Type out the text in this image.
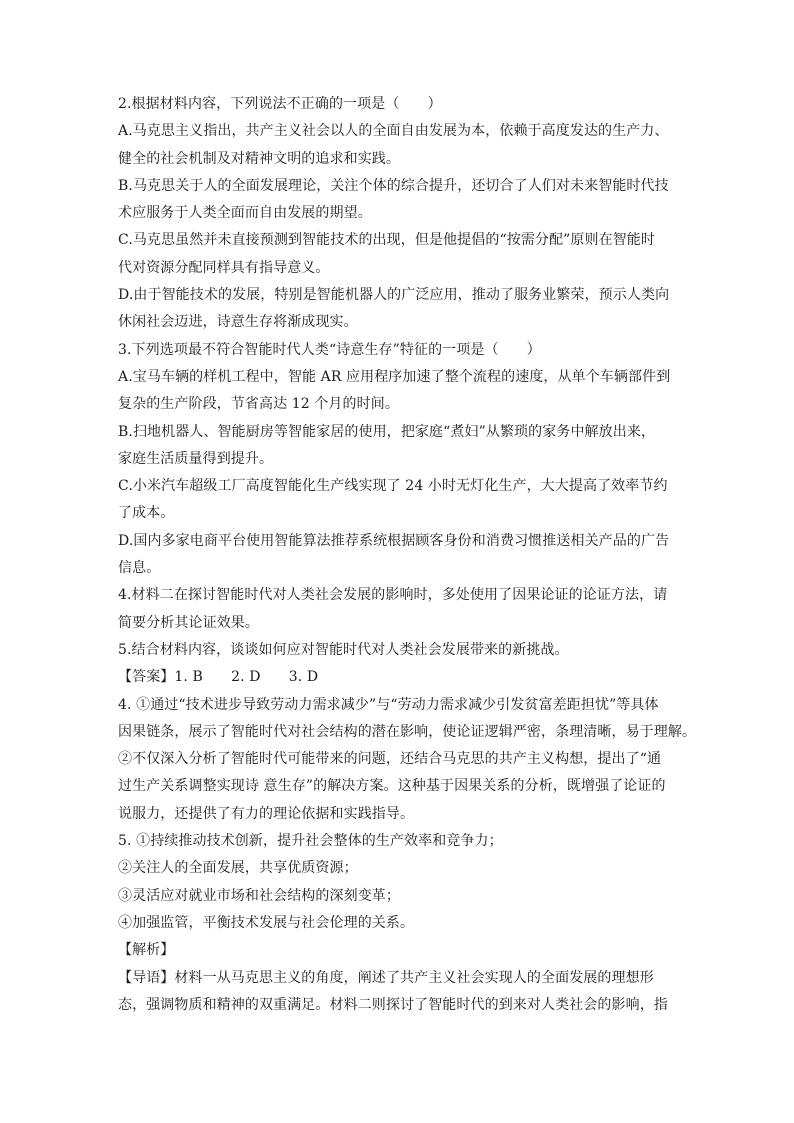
2.根据材料内容，下列说法不正确的一项是（　　）
A.马克思主义指出，共产主义社会以人的全面自由发展为本，依赖于高度发达的生产力、
健全的社会机制及对精神文明的追求和实践。
B.马克思关于人的全面发展理论，关注个体的综合提升，还切合了人们对未来智能时代技
术应服务于人类全面而自由发展的期望。
C.马克思虽然并未直接预测到智能技术的出现，但是他提倡的“按需分配”原则在智能时
代对资源分配同样具有指导意义。
D.由于智能技术的发展，特别是智能机器人的广泛应用，推动了服务业繁荣，预示人类向
休闲社会迈进，诗意生存将渐成现实。
3.下列选项最不符合智能时代人类“诗意生存”特征的一项是（　　）
A.宝马车辆的样机工程中，智能 AR 应用程序加速了整个流程的速度，从单个车辆部件到
复杂的生产阶段，节省高达 12 个月的时间。
B.扫地机器人、智能厨房等智能家居的使用，把家庭“煮妇”从繁琐的家务中解放出来，
家庭生活质量得到提升。
C.小米汽车超级工厂高度智能化生产线实现了 24 小时无灯化生产，大大提高了效率节约
了成本。
D.国内多家电商平台使用智能算法推荐系统根据顾客身份和消费习惯推送相关产品的广告
信息。
4.材料二在探讨智能时代对人类社会发展的影响时，多处使用了因果论证的论证方法，请
简要分析其论证效果。
5.结合材料内容，谈谈如何应对智能时代对人类社会发展带来的新挑战。
【答案】1. B　　2. D　　3. D
4. ①通过“技术进步导致劳动力需求减少”与“劳动力需求减少引发贫富差距担忧”等具体
因果链条，展示了智能时代对社会结构的潜在影响，使论证逻辑严密，条理清晰，易于理解。
②不仅深入分析了智能时代可能带来的问题，还结合马克思的共产主义构想，提出了“通
过生产关系调整实现诗 意生存”的解决方案。这种基于因果关系的分析，既增强了论证的
说服力，还提供了有力的理论依据和实践指导。
5. ①持续推动技术创新，提升社会整体的生产效率和竞争力；
②关注人的全面发展，共享优质资源；
③灵活应对就业市场和社会结构的深刻变革；
④加强监管，平衡技术发展与社会伦理的关系。
【解析】
【导语】材料一从马克思主义的角度，阐述了共产主义社会实现人的全面发展的理想形
态，强调物质和精神的双重满足。材料二则探讨了智能时代的到来对人类社会的影响，指
